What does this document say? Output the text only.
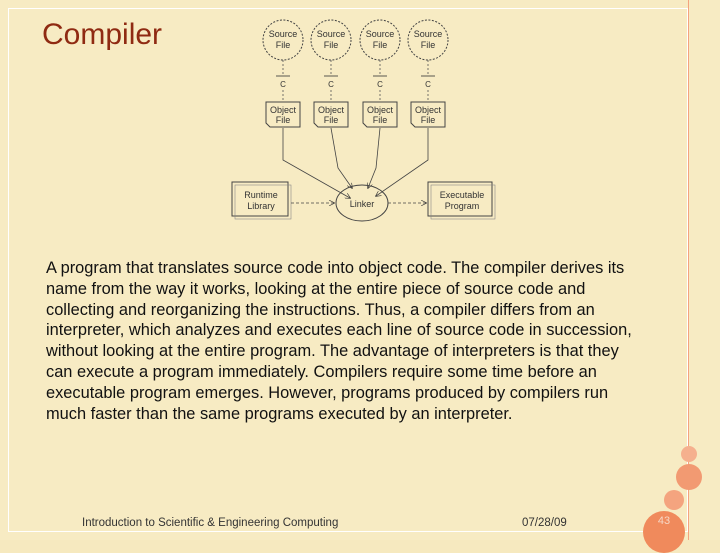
Compiler	Source
File
Source
File
Source
File
Source
File
C	C	C	C
Object
File
Object
File
Object
File
Object
File
Runtime
Library	Linker
Executable
Program

A program that translates source code into object code. The compiler derives its name from the way it works, looking at the entire piece of source code and collecting and reorganizing the instructions. Thus, a compiler differs from an interpreter, which analyzes and executes each line of source code in succession, without looking at the entire program. The advantage of interpreters is that they can execute a program immediately. Compilers require some time before an executable program emerges. However, programs produced by compilers run much faster than the same programs executed by an interpreter.

Introduction to Scientific & Engineering Computing	07/28/09	43
